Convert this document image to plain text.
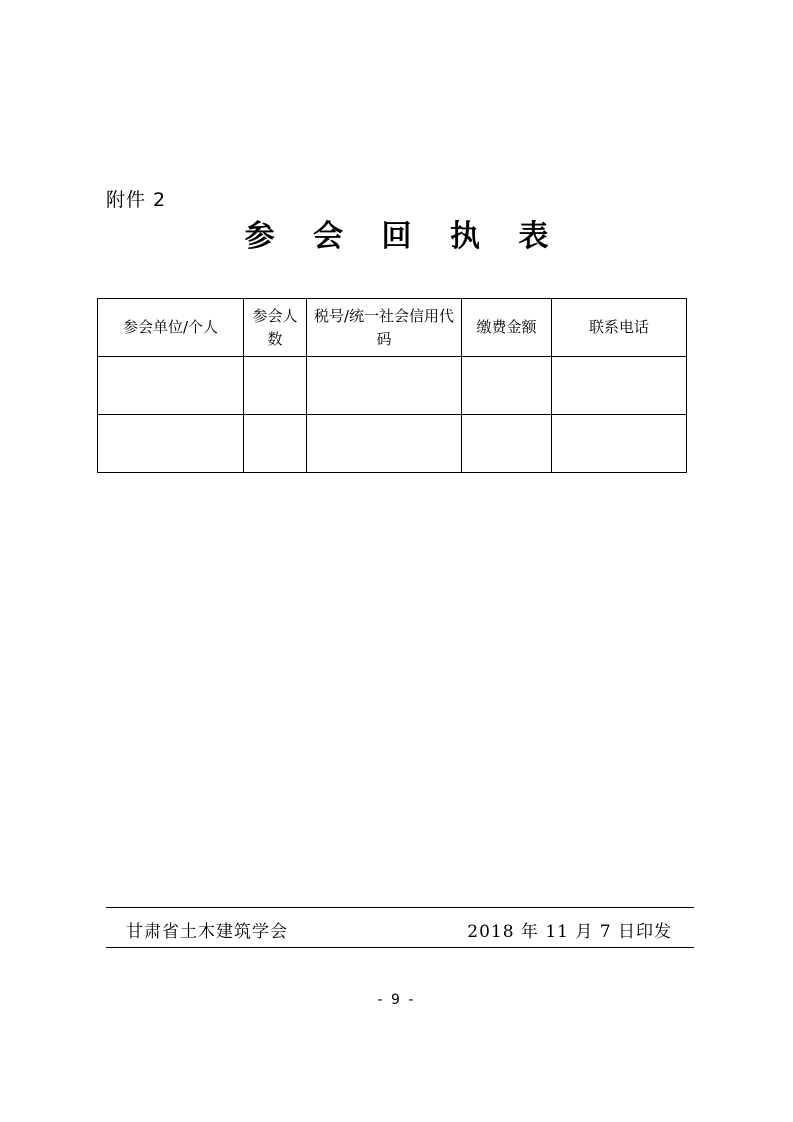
附件 2
参 会 回 执 表
参会单位/个人	参会人数	税号/统一社会信用代码	缴费金额	联系电话

甘肃省土木建筑学会	2018 年 11 月 7 日印发
- 9 -
